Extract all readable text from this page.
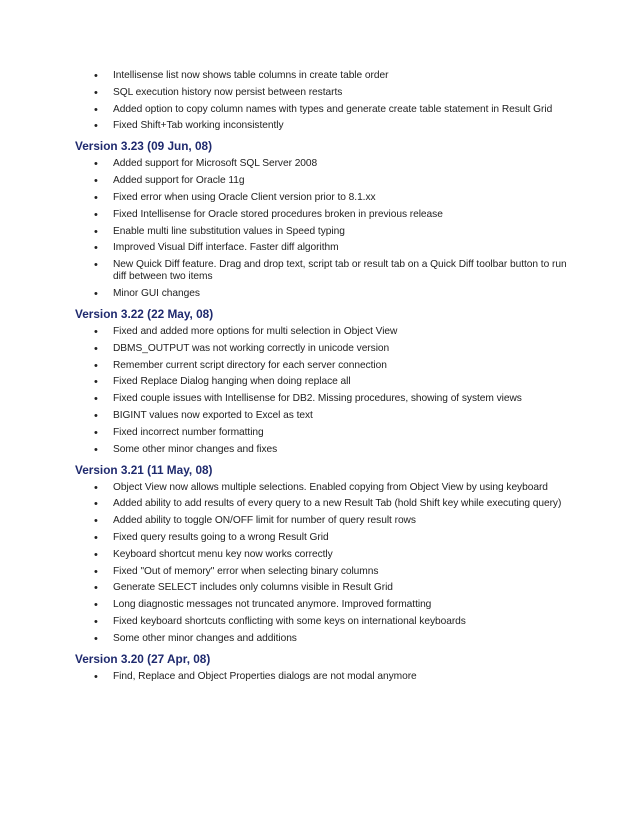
• Intellisense list now shows table columns in create table order
• SQL execution history now persist between restarts
• Added option to copy column names with types and generate create table statement in Result Grid
• Fixed Shift+Tab working inconsistently
Version 3.23 (09 Jun, 08)
• Added support for Microsoft SQL Server 2008
• Added support for Oracle 11g
• Fixed error when using Oracle Client version prior to 8.1.xx
• Fixed Intellisense for Oracle stored procedures broken in previous release
• Enable multi line substitution values in Speed typing
• Improved Visual Diff interface. Faster diff algorithm
• New Quick Diff feature. Drag and drop text, script tab or result tab on a Quick Diff toolbar button to run diff between two items
• Minor GUI changes
Version 3.22 (22 May, 08)
• Fixed and added more options for multi selection in Object View
• DBMS_OUTPUT was not working correctly in unicode version
• Remember current script directory for each server connection
• Fixed Replace Dialog hanging when doing replace all
• Fixed couple issues with Intellisense for DB2. Missing procedures, showing of system views
• BIGINT values now exported to Excel as text
• Fixed incorrect number formatting
• Some other minor changes and fixes
Version 3.21 (11 May, 08)
• Object View now allows multiple selections. Enabled copying from Object View by using keyboard
• Added ability to add results of every query to a new Result Tab (hold Shift key while executing query)
• Added ability to toggle ON/OFF limit for number of query result rows
• Fixed query results going to a wrong Result Grid
• Keyboard shortcut menu key now works correctly
• Fixed "Out of memory" error when selecting binary columns
• Generate SELECT includes only columns visible in Result Grid
• Long diagnostic messages not truncated anymore. Improved formatting
• Fixed keyboard shortcuts conflicting with some keys on international keyboards
• Some other minor changes and additions
Version 3.20 (27 Apr, 08)
• Find, Replace and Object Properties dialogs are not modal anymore
